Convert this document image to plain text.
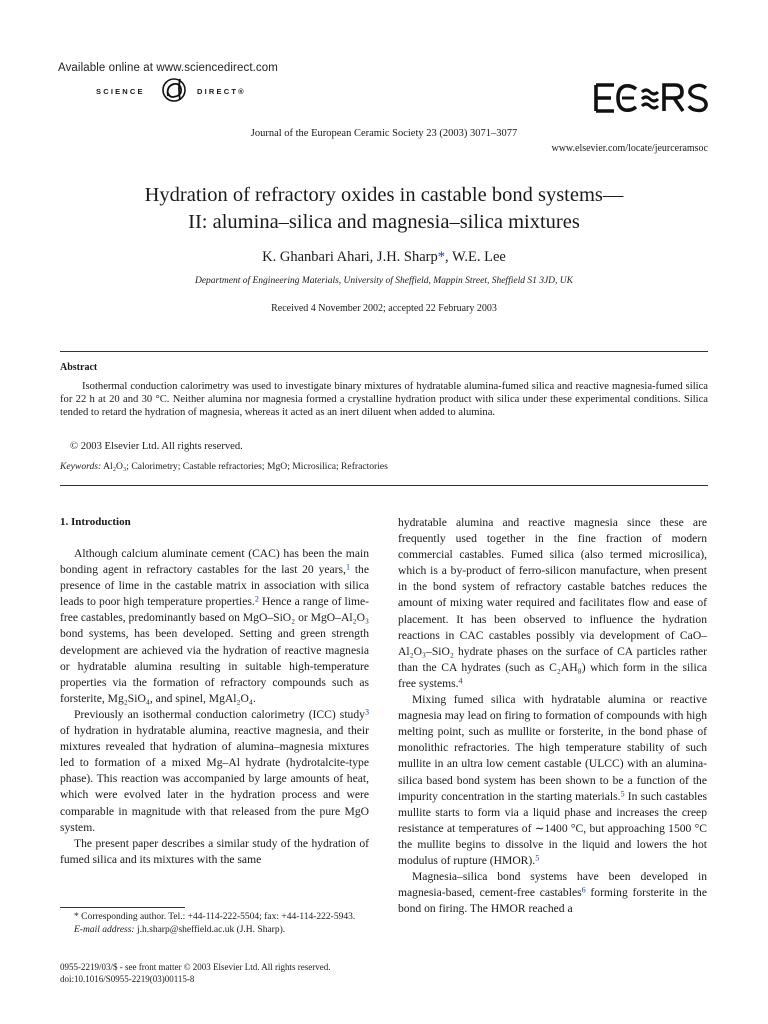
Available online at www.sciencedirect.com
SCIENCE	DIRECT®
ECRS
Journal of the European Ceramic Society 23 (2003) 3071–3077
www.elsevier.com/locate/jeurceramsoc
Hydration of refractory oxides in castable bond systems—
II: alumina–silica and magnesia–silica mixtures
K. Ghanbari Ahari, J.H. Sharp*, W.E. Lee
Department of Engineering Materials, University of Sheffield, Mappin Street, Sheffield S1 3JD, UK
Received 4 November 2002; accepted 22 February 2003
Abstract
Isothermal conduction calorimetry was used to investigate binary mixtures of hydratable alumina-fumed silica and reactive magnesia-fumed silica for 22 h at 20 and 30 °C. Neither alumina nor magnesia formed a crystalline hydration product with silica under these experimental conditions. Silica tended to retard the hydration of magnesia, whereas it acted as an inert diluent when added to alumina.
© 2003 Elsevier Ltd. All rights reserved.
Keywords: Al₂O₃; Calorimetry; Castable refractories; MgO; Microsilica; Refractories
1. Introduction

Although calcium aluminate cement (CAC) has been the main bonding agent in refractory castables for the last 20 years,$^1$ the presence of lime in the castable matrix in association with silica leads to poor high temperature properties.$^2$ Hence a range of lime-free castables, predominantly based on MgO–SiO₂ or MgO–Al₂O₃ bond systems, has been developed. Setting and green strength development are achieved via the hydration of reactive magnesia or hydratable alumina resulting in suitable high-temperature properties via the formation of refractory compounds such as forsterite, Mg₂SiO₄, and spinel, MgAl₂O₄.

Previously an isothermal conduction calorimetry (ICC) study$^3$ of hydration in hydratable alumina, reactive magnesia, and their mixtures revealed that hydration of alumina–magnesia mixtures led to formation of a mixed Mg–Al hydrate (hydrotalcite-type phase). This reaction was accompanied by large amounts of heat, which were evolved later in the hydration process and were comparable in magnitude with that released from the pure MgO system.

The present paper describes a similar study of the hydration of fumed silica and its mixtures with the same

* Corresponding author. Tel.: +44-114-222-5504; fax: +44-114-222-5943.
E-mail address: j.h.sharp@sheffield.ac.uk (J.H. Sharp).
0955-2219/03/$ - see front matter © 2003 Elsevier Ltd. All rights reserved.
doi:10.1016/S0955-2219(03)00115-8

hydratable alumina and reactive magnesia since these are frequently used together in the fine fraction of modern commercial castables. Fumed silica (also termed microsilica), which is a by-product of ferro-silicon manufacture, when present in the bond system of refractory castable batches reduces the amount of mixing water required and facilitates flow and ease of placement. It has been observed to influence the hydration reactions in CAC castables possibly via development of CaO–Al₂O₃–SiO₂ hydrate phases on the surface of CA particles rather than the CA hydrates (such as C₂AH₈) which form in the silica free systems.$^4$

Mixing fumed silica with hydratable alumina or reactive magnesia may lead on firing to formation of compounds with high melting point, such as mullite or forsterite, in the bond phase of monolithic refractories. The high temperature stability of such mullite in an ultra low cement castable (ULCC) with an alumina-silica based bond system has been shown to be a function of the impurity concentration in the starting materials.$^5$ In such castables mullite starts to form via a liquid phase and increases the creep resistance at temperatures of ∼1400 °C, but approaching 1500 °C the mullite begins to dissolve in the liquid and lowers the hot modulus of rupture (HMOR).$^5$

Magnesia–silica bond systems have been developed in magnesia-based, cement-free castables$^6$ forming forsterite in the bond on firing. The HMOR reached a
